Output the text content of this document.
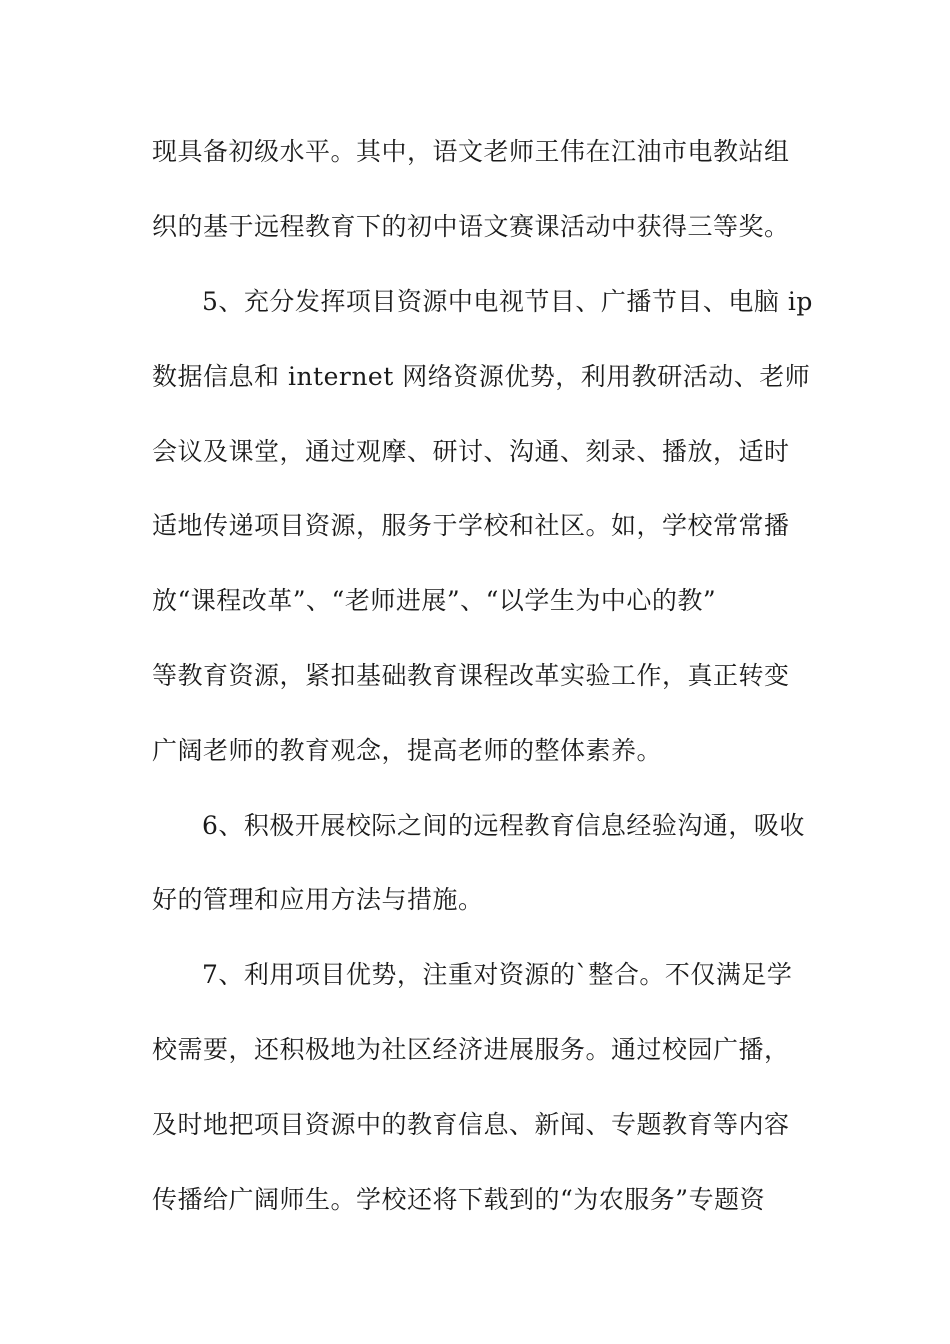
现具备初级水平。其中，语文老师王伟在江油市电教站组
织的基于远程教育下的初中语文赛课活动中获得三等奖。
5、充分发挥项目资源中电视节目、广播节目、电脑 ip
数据信息和 internet 网络资源优势，利用教研活动、老师
会议及课堂，通过观摩、研讨、沟通、刻录、播放，适时
适地传递项目资源，服务于学校和社区。如，学校常常播
放“课程改革”、“老师进展”、“以学生为中心的教”
等教育资源，紧扣基础教育课程改革实验工作，真正转变
广阔老师的教育观念，提高老师的整体素养。
6、积极开展校际之间的远程教育信息经验沟通，吸收
好的管理和应用方法与措施。
7、利用项目优势，注重对资源的`整合。不仅满足学
校需要，还积极地为社区经济进展服务。通过校园广播，
及时地把项目资源中的教育信息、新闻、专题教育等内容
传播给广阔师生。学校还将下载到的“为农服务”专题资
